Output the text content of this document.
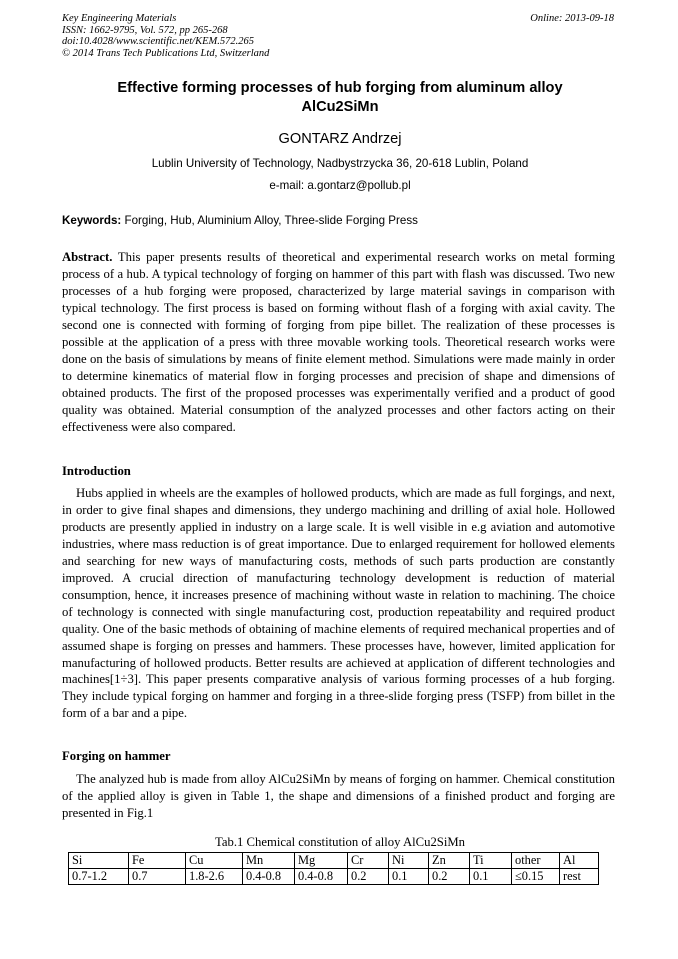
Key Engineering Materials
ISSN: 1662-9795, Vol. 572, pp 265-268
doi:10.4028/www.scientific.net/KEM.572.265
© 2014 Trans Tech Publications Ltd, Switzerland
Online: 2013-09-18
Effective forming processes of hub forging from aluminum alloy
AlCu2SiMn
GONTARZ Andrzej
Lublin University of Technology, Nadbystrzycka 36, 20-618 Lublin, Poland
e-mail: a.gontarz@pollub.pl
Keywords: Forging, Hub, Aluminium Alloy, Three-slide Forging Press
Abstract. This paper presents results of theoretical and experimental research works on metal forming process of a hub. A typical technology of forging on hammer of this part with flash was discussed. Two new processes of a hub forging were proposed, characterized by large material savings in comparison with typical technology. The first process is based on forming without flash of a forging with axial cavity. The second one is connected with forming of forging from pipe billet. The realization of these processes is possible at the application of a press with three movable working tools. Theoretical research works were done on the basis of simulations by means of finite element method. Simulations were made mainly in order to determine kinematics of material flow in forging processes and precision of shape and dimensions of obtained products. The first of the proposed processes was experimentally verified and a product of good quality was obtained. Material consumption of the analyzed processes and other factors acting on their effectiveness were also compared.
Introduction
Hubs applied in wheels are the examples of hollowed products, which are made as full forgings, and next, in order to give final shapes and dimensions, they undergo machining and drilling of axial hole. Hollowed products are presently applied in industry on a large scale. It is well visible in e.g aviation and automotive industries, where mass reduction is of great importance. Due to enlarged requirement for hollowed elements and searching for new ways of manufacturing costs, methods of such parts production are constantly improved. A crucial direction of manufacturing technology development is reduction of material consumption, hence, it increases presence of machining without waste in relation to machining. The choice of technology is connected with single manufacturing cost, production repeatability and required product quality. One of the basic methods of obtaining of machine elements of required mechanical properties and of assumed shape is forging on presses and hammers. These processes have, however, limited application for manufacturing of hollowed products. Better results are achieved at application of different technologies and machines[1÷3]. This paper presents comparative analysis of various forming processes of a hub forging. They include typical forging on hammer and forging in a three-slide forging press (TSFP) from billet in the form of a bar and a pipe.
Forging on hammer
The analyzed hub is made from alloy AlCu2SiMn by means of forging on hammer. Chemical constitution of the applied alloy is given in Table 1, the shape and dimensions of a finished product and forging are presented in Fig.1
Tab.1 Chemical constitution of alloy AlCu2SiMn
Si	Fe	Cu	Mn	Mg	Cr	Ni	Zn	Ti	other	Al
0.7-1.2	0.7	1.8-2.6	0.4-0.8	0.4-0.8	0.2	0.1	0.2	0.1	≤0.15	rest
